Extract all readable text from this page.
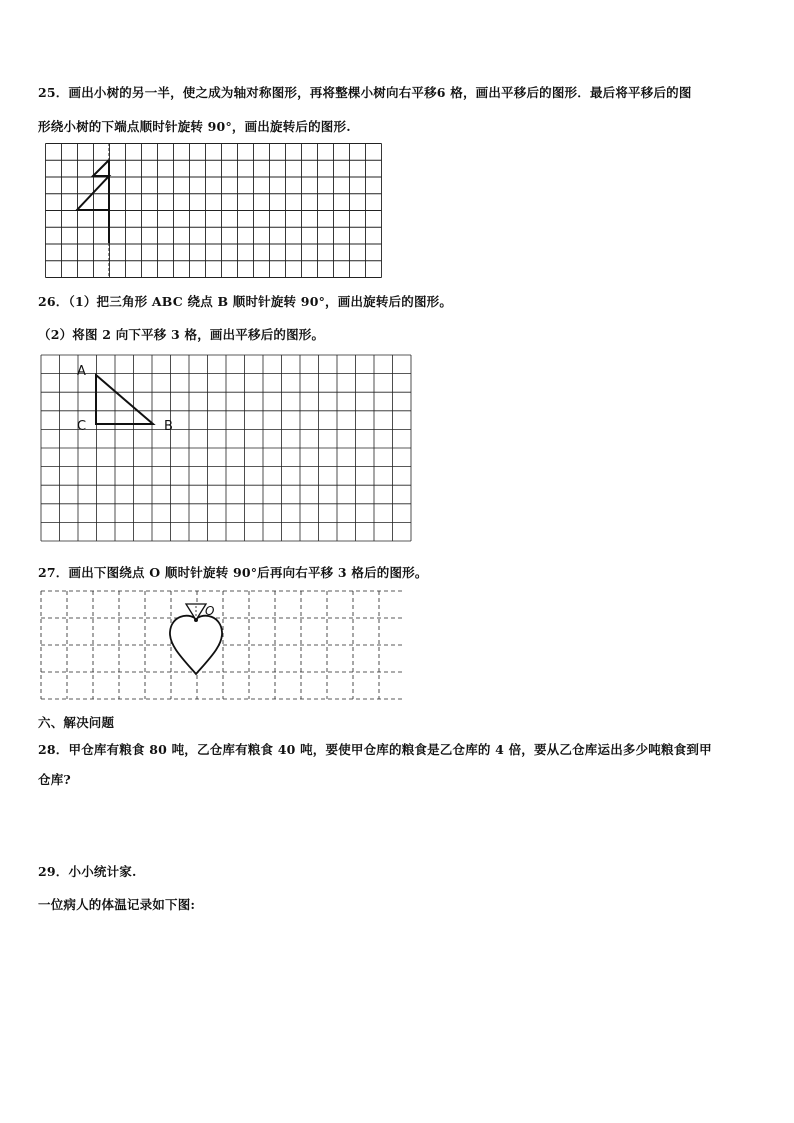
25．画出小树的另一半，使之成为轴对称图形，再将整棵小树向右平移6 格，画出平移后的图形．最后将平移后的图
形绕小树的下端点顺时针旋转 90°，画出旋转后的图形.
26．（1）把三角形 ABC 绕点 B 顺时针旋转 90°，画出旋转后的图形。
（2）将图 2 向下平移 3 格，画出平移后的图形。
A
C	B
27．画出下图绕点 O 顺时针旋转 90°后再向右平移 3 格后的图形。
O
六、解决问题
28．甲仓库有粮食 80 吨，乙仓库有粮食 40 吨，要使甲仓库的粮食是乙仓库的 4 倍，要从乙仓库运出多少吨粮食到甲
仓库?
29．小小统计家.
一位病人的体温记录如下图:
